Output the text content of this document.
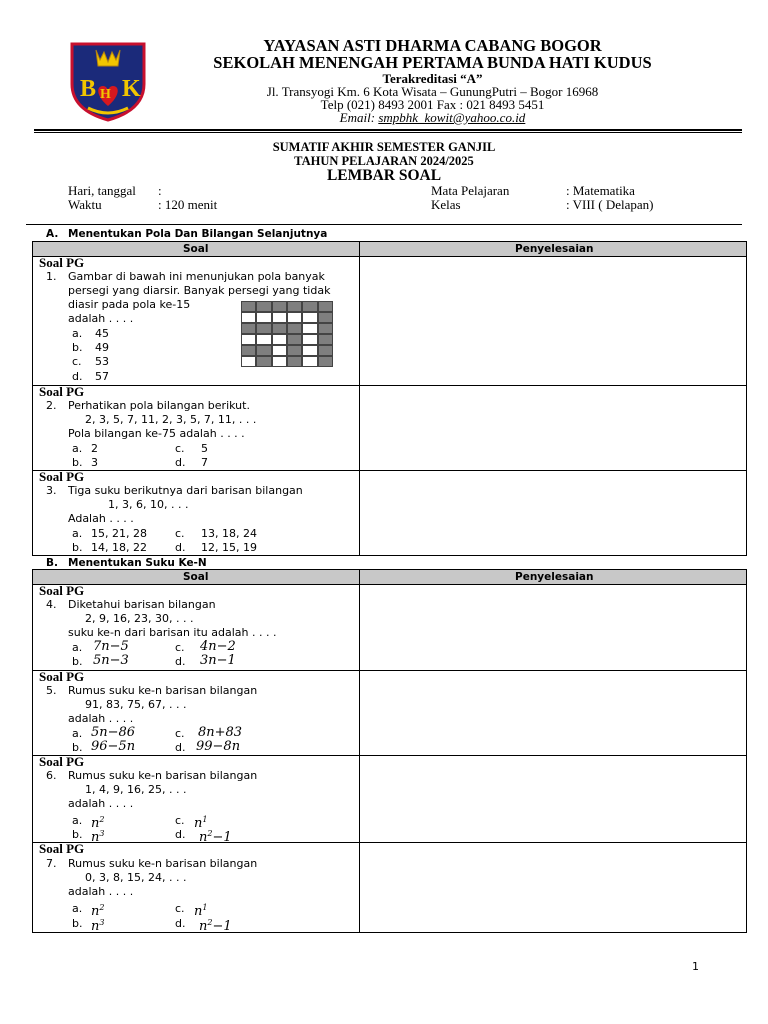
B K
H
YAYASAN ASTI DHARMA CABANG BOGOR
SEKOLAH MENENGAH PERTAMA BUNDA HATI KUDUS
Terakreditasi “A”
Jl. Transyogi Km. 6 Kota Wisata – GunungPutri – Bogor 16968
Telp (021) 8493 2001 Fax : 021 8493 5451
Email: smpbhk_kowit@yahoo.co.id
SUMATIF AKHIR SEMESTER GANJIL
TAHUN PELAJARAN 2024/2025
LEMBAR SOAL
Hari, tanggal :
Waktu	: 120 menit
Mata Pelajaran	: Matematika
Kelas	: VIII ( Delapan)
A. Menentukan Pola Dan Bilangan Selanjutnya
Soal	Penyelesaian
Soal PG
1. Gambar di bawah ini menunjukan pola banyak
persegi yang diarsir. Banyak persegi yang tidak
diasir pada pola ke-15
adalah . . . .
a. 45
b. 49
c. 53
d. 57
Soal PG
2. Perhatikan pola bilangan berikut.
2, 3, 5, 7, 11, 2, 3, 5, 7, 11, . . .
Pola bilangan ke-75 adalah . . . .
a. 2
b. 3
c. 5
d. 7
Soal PG
3. Tiga suku berikutnya dari barisan bilangan
1, 3, 6, 10, . . .
Adalah . . . .
a. 15, 21, 28
b. 14, 18, 22
c. 13, 18, 24
d. 12, 15, 19
B. Menentukan Suku Ke-N
Soal	Penyelesaian
Soal PG
4. Diketahui barisan bilangan
2, 9, 16, 23, 30, . . .
suku ke-n dari barisan itu adalah . . . .
a. 7n−5
b. 5n−3
c. 4n−2
d. 3n−1
Soal PG
5. Rumus suku ke-n barisan bilangan
91, 83, 75, 67, . . .
adalah . . . .
a. 5n−86
b. 96−5n
c. 8n+83
d. 99−8n
Soal PG
6. Rumus suku ke-n barisan bilangan
1, 4, 9, 16, 25, . . .
adalah . . . .
a. $n^2$
b. $n^3$
c. $n^1$
d. $n^2-1$
Soal PG
7. Rumus suku ke-n barisan bilangan
0, 3, 8, 15, 24, . . .
adalah . . . .
a. $n^2$
b. $n^3$
c. $n^1$
d. $n^2-1$
1
